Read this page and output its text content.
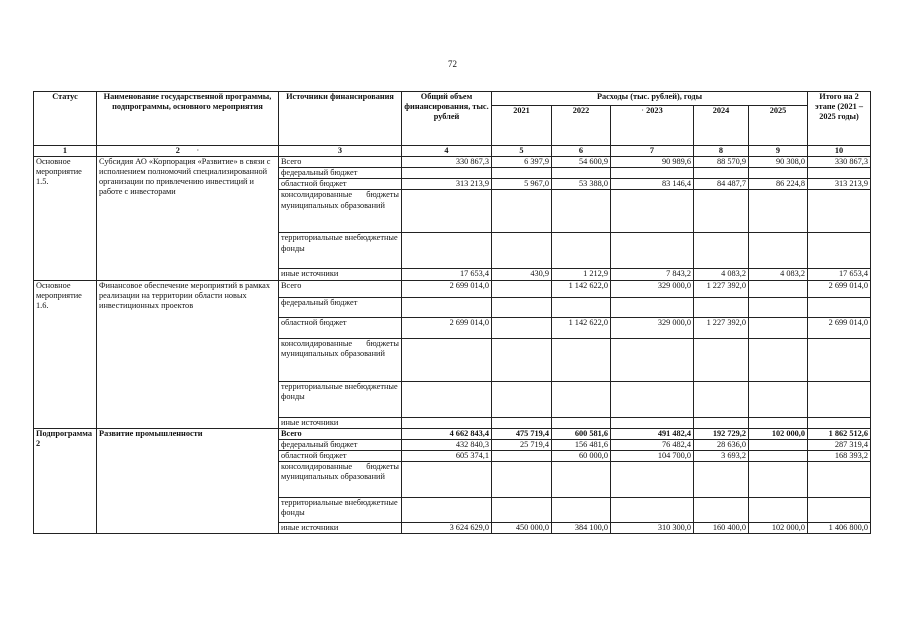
72
Статус	Наименование государственной программы, подпрограммы, основного мероприятия	Источники финансирования	Общий объем финансирования, тыс. рублей	Расходы (тыс. рублей), годы					Итого на 2 этапе (2021 – 2025 годы)
				2021	2022	· 2023	2024	2025	
1	2        ·	3	4	5	6	7	8	9	10
Основное мероприятие 1.5.	Субсидия АО «Корпорация «Развитие» в связи с исполнением полномочий специализированной организации по привлечению инвестиций и работе с инвесторами	Всего	330 867,3	6 397,9	54 600,9	90 989,6	88 570,9	90 308,0	330 867,3
		федеральный бюджет							
		областной бюджет	313 213,9	5 967,0	53 388,0	83 146,4	84 487,7	86 224,8	313 213,9
		консолидированные бюджеты муниципальных образований							
		территориальные внебюджетные фонды							
		иные источники	17 653,4	430,9	1 212,9	7 843,2	4 083,2	4 083,2	17 653,4
Основное мероприятие 1.6.	Финансовое обеспечение мероприятий в рамках реализации на территории области новых инвестиционных проектов	Всего	2 699 014,0		1 142 622,0	329 000,0	1 227 392,0		2 699 014,0
		федеральный бюджет							
		областной бюджет	2 699 014,0		1 142 622,0	329 000,0	1 227 392,0		2 699 014,0
		консолидированные бюджеты муниципальных образований							
		территориальные внебюджетные фонды							
		иные источники							
Подпрограмма 2	Развитие промышленности	Всего	4 662 843,4	475 719,4	600 581,6	491 482,4	192 729,2	102 000,0	1 862 512,6
		федеральный бюджет	432 840,3	25 719,4	156 481,6	76 482,4	28 636,0		287 319,4
		областной бюджет	605 374,1		60 000,0	104 700,0	3 693,2		168 393,2
		консолидированные бюджеты муниципальных образований							
		территориальные внебюджетные фонды							
		иные источники	3 624 629,0	450 000,0	384 100,0	310 300,0	160 400,0	102 000,0	1 406 800,0
